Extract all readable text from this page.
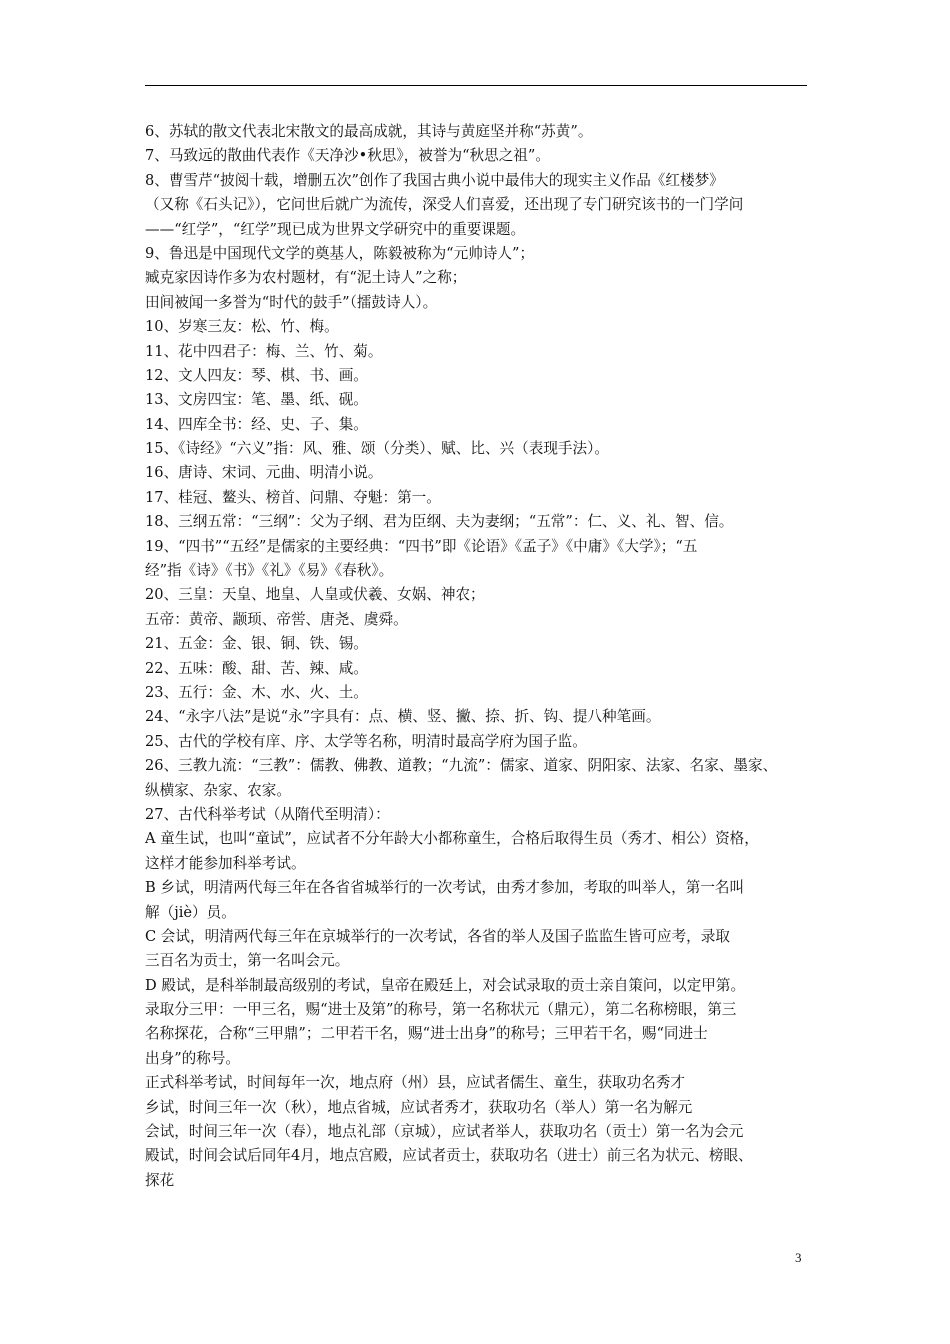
6、苏轼的散文代表北宋散文的最高成就，其诗与黄庭坚并称“苏黄”。
7、马致远的散曲代表作《天净沙•秋思》，被誉为“秋思之祖”。
8、曹雪芹“披阅十载，增删五次”创作了我国古典小说中最伟大的现实主义作品《红楼梦》
（又称《石头记》），它问世后就广为流传，深受人们喜爱，还出现了专门研究该书的一门学问
——“红学”，“红学”现已成为世界文学研究中的重要课题。
9、鲁迅是中国现代文学的奠基人，陈毅被称为“元帅诗人”；
臧克家因诗作多为农村题材，有“泥土诗人”之称；
田间被闻一多誉为“时代的鼓手”（擂鼓诗人）。
10、岁寒三友：松、竹、梅。
11、花中四君子：梅、兰、竹、菊。
12、文人四友：琴、棋、书、画。
13、文房四宝：笔、墨、纸、砚。
14、四库全书：经、史、子、集。
15、《诗经》“六义”指：风、雅、颂（分类）、赋、比、兴（表现手法）。
16、唐诗、宋词、元曲、明清小说。
17、桂冠、鳌头、榜首、问鼎、夺魁：第一。
18、三纲五常：“三纲”：父为子纲、君为臣纲、夫为妻纲；“五常”：仁、义、礼、智、信。
19、“四书”“五经”是儒家的主要经典：“四书”即《论语》《孟子》《中庸》《大学》；“五
经”指《诗》《书》《礼》《易》《春秋》。
20、三皇：天皇、地皇、人皇或伏羲、女娲、神农；
五帝：黄帝、颛顼、帝喾、唐尧、虞舜。
21、五金：金、银、铜、铁、锡。
22、五味：酸、甜、苦、辣、咸。
23、五行：金、木、水、火、土。
24、“永字八法”是说“永”字具有：点、横、竖、撇、捺、折、钩、提八种笔画。
25、古代的学校有庠、序、太学等名称，明清时最高学府为国子监。
26、三教九流：“三教”：儒教、佛教、道教；“九流”：儒家、道家、阴阳家、法家、名家、墨家、
纵横家、杂家、农家。
27、古代科举考试（从隋代至明清）：
A 童生试，也叫“童试”，应试者不分年龄大小都称童生，合格后取得生员（秀才、相公）资格，
这样才能参加科举考试。
B 乡试，明清两代每三年在各省省城举行的一次考试，由秀才参加，考取的叫举人，第一名叫
解（jiè）员。
C 会试，明清两代每三年在京城举行的一次考试，各省的举人及国子监监生皆可应考，录取
三百名为贡士，第一名叫会元。
D 殿试，是科举制最高级别的考试，皇帝在殿廷上，对会试录取的贡士亲自策问，以定甲第。
录取分三甲：一甲三名，赐“进士及第”的称号，第一名称状元（鼎元），第二名称榜眼，第三
名称探花，合称“三甲鼎”；二甲若干名，赐“进士出身”的称号；三甲若干名，赐“同进士
出身”的称号。
正式科举考试，时间每年一次，地点府（州）县，应试者儒生、童生，获取功名秀才
乡试，时间三年一次（秋），地点省城，应试者秀才，获取功名（举人）第一名为解元
会试，时间三年一次（春），地点礼部（京城），应试者举人，获取功名（贡士）第一名为会元
殿试，时间会试后同年4月，地点宫殿，应试者贡士，获取功名（进士）前三名为状元、榜眼、
探花
3
